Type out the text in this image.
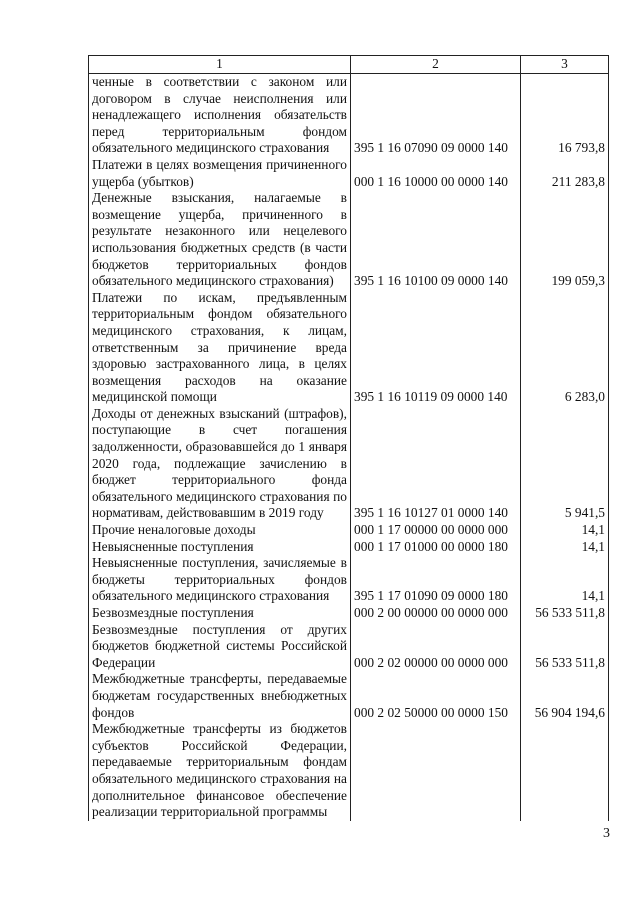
1	2	3
ченные в соответствии с законом или договором в случае неисполнения или ненадлежащего исполнения обязательств перед территориальным фондом обязательного медицинского страхования	395 1 16 07090 09 0000 140	16 793,8
Платежи в целях возмещения причиненного ущерба (убытков)	000 1 16 10000 00 0000 140	211 283,8
Денежные взыскания, налагаемые в возмещение ущерба, причиненного в результате незаконного или нецелевого использования бюджетных средств (в части бюджетов территориальных фондов обязательного медицинского страхования)	395 1 16 10100 09 0000 140	199 059,3
Платежи по искам, предъявленным территориальным фондом обязательного медицинского страхования, к лицам, ответственным за причинение вреда здоровью застрахованного лица, в целях возмещения расходов на оказание медицинской помощи	395 1 16 10119 09 0000 140	6 283,0
Доходы от денежных взысканий (штрафов), поступающие в счет погашения задолженности, образовавшейся до 1 января 2020 года, подлежащие зачислению в бюджет территориального фонда обязательного медицинского страхования по нормативам, действовавшим в 2019 году	395 1 16 10127 01 0000 140	5 941,5
Прочие неналоговые доходы	000 1 17 00000 00 0000 000	14,1
Невыясненные поступления	000 1 17 01000 00 0000 180	14,1
Невыясненные поступления, зачисляемые в бюджеты территориальных фондов обязательного медицинского страхования	395 1 17 01090 09 0000 180	14,1
Безвозмездные поступления	000 2 00 00000 00 0000 000	56 533 511,8
Безвозмездные поступления от других бюджетов бюджетной системы Российской Федерации	000 2 02 00000 00 0000 000	56 533 511,8
Межбюджетные трансферты, передаваемые бюджетам государственных внебюджетных фондов	000 2 02 50000 00 0000 150	56 904 194,6
Межбюджетные трансферты из бюджетов субъектов Российской Федерации, передаваемые территориальным фондам обязательного медицинского страхования на дополнительное финансовое обеспечение реализации территориальной программы		
3
